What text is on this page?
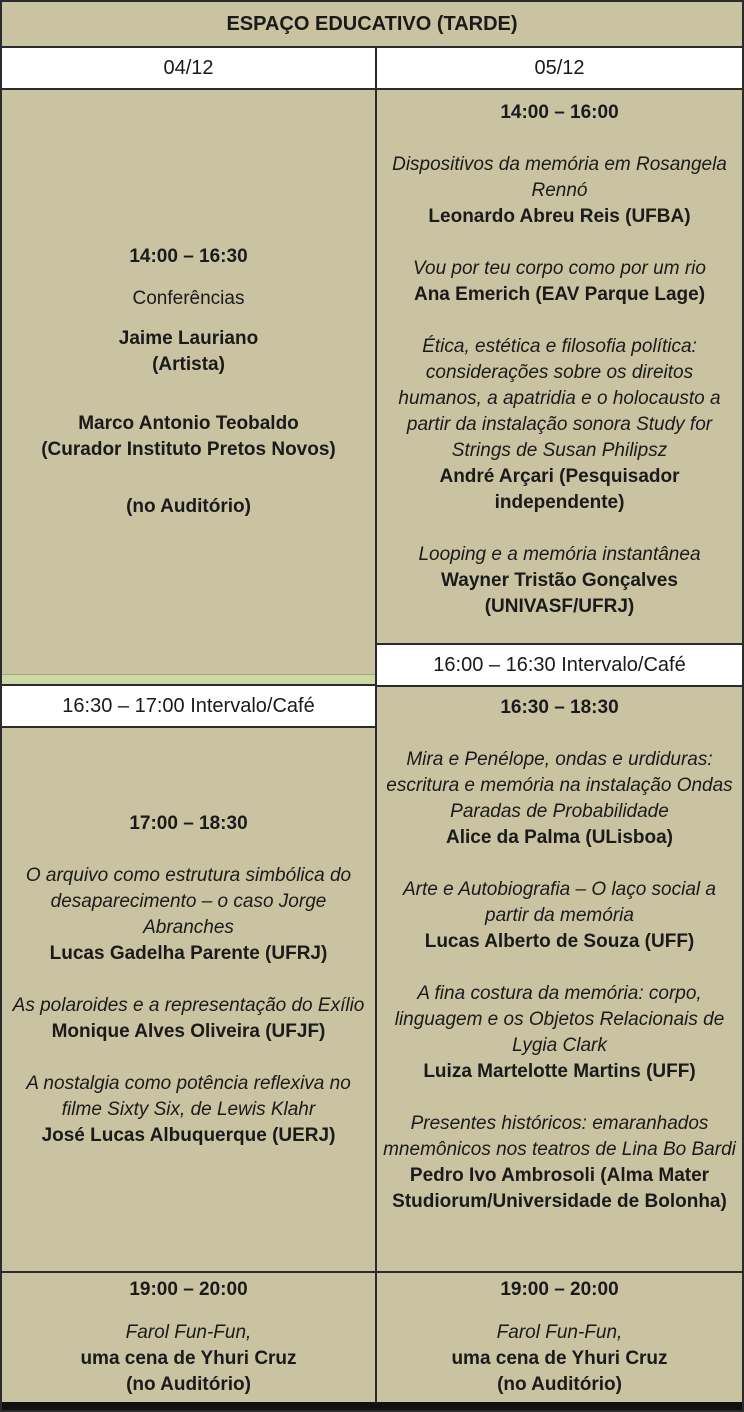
ESPAÇO EDUCATIVO (TARDE)
04/12	05/12
14:00 – 16:30
Conferências
Jaime Lauriano
(Artista)
Marco Antonio Teobaldo
(Curador Instituto Pretos Novos)
(no Auditório)
16:30 – 17:00 Intervalo/Café
17:00 – 18:30
O arquivo como estrutura simbólica do desaparecimento – o caso Jorge Abranches
Lucas Gadelha Parente (UFRJ)
As polaroides e a representação do Exílio
Monique Alves Oliveira (UFJF)
A nostalgia como potência reflexiva no filme Sixty Six, de Lewis Klahr
José Lucas Albuquerque (UERJ)
19:00 – 20:00
Farol Fun-Fun,
uma cena de Yhuri Cruz
(no Auditório)
14:00 – 16:00
Dispositivos da memória em Rosangela Rennó
Leonardo Abreu Reis (UFBA)
Vou por teu corpo como por um rio
Ana Emerich (EAV Parque Lage)
Ética, estética e filosofia política: considerações sobre os direitos humanos, a apatridia e o holocausto a partir da instalação sonora Study for Strings de Susan Philipsz
André Arçari (Pesquisador independente)
Looping e a memória instantânea
Wayner Tristão Gonçalves (UNIVASF/UFRJ)
16:00 – 16:30 Intervalo/Café
16:30 – 18:30
Mira e Penélope, ondas e urdiduras: escritura e memória na instalação Ondas Paradas de Probabilidade
Alice da Palma (ULisboa)
Arte e Autobiografia – O laço social a partir da memória
Lucas Alberto de Souza (UFF)
A fina costura da memória: corpo, linguagem e os Objetos Relacionais de Lygia Clark
Luiza Martelotte Martins (UFF)
Presentes históricos: emaranhados mnemônicos nos teatros de Lina Bo Bardi
Pedro Ivo Ambrosoli (Alma Mater Studiorum/Universidade de Bolonha)
19:00 – 20:00
Farol Fun-Fun,
uma cena de Yhuri Cruz
(no Auditório)
